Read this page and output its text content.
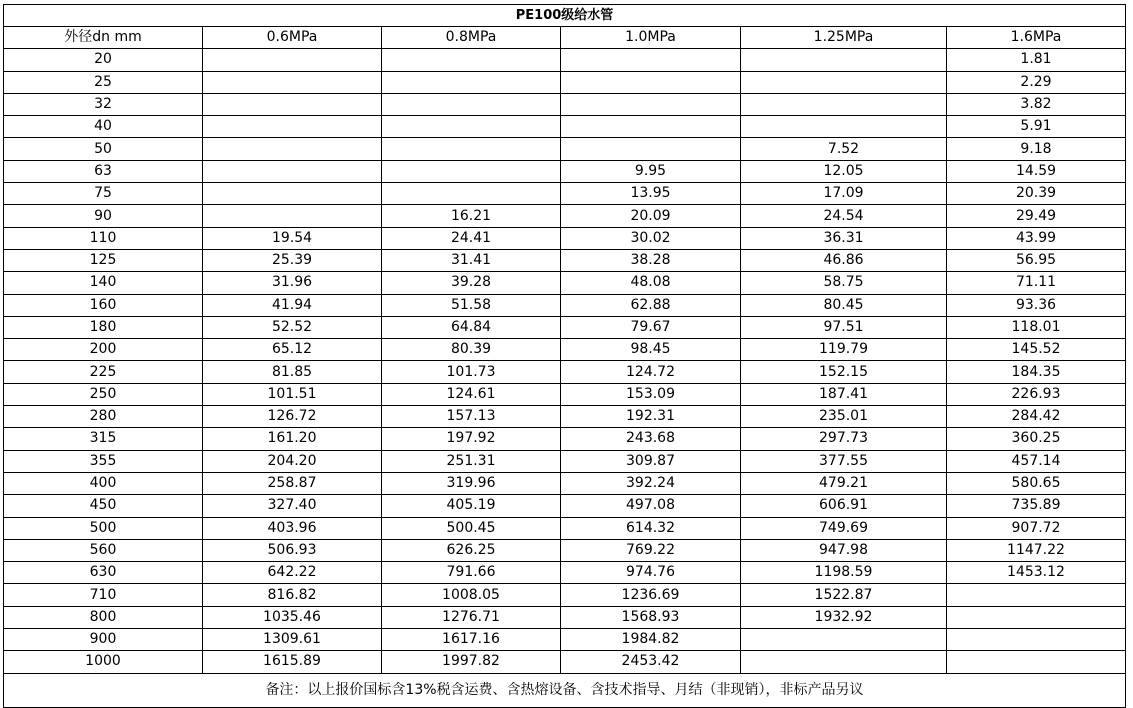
PE100级给水管					
外径dn mm	0.6MPa	0.8MPa	1.0MPa	1.25MPa	1.6MPa
20					1.81
25					2.29
32					3.82
40					5.91
50				7.52	9.18
63			9.95	12.05	14.59
75			13.95	17.09	20.39
90		16.21	20.09	24.54	29.49
110	19.54	24.41	30.02	36.31	43.99
125	25.39	31.41	38.28	46.86	56.95
140	31.96	39.28	48.08	58.75	71.11
160	41.94	51.58	62.88	80.45	93.36
180	52.52	64.84	79.67	97.51	118.01
200	65.12	80.39	98.45	119.79	145.52
225	81.85	101.73	124.72	152.15	184.35
250	101.51	124.61	153.09	187.41	226.93
280	126.72	157.13	192.31	235.01	284.42
315	161.20	197.92	243.68	297.73	360.25
355	204.20	251.31	309.87	377.55	457.14
400	258.87	319.96	392.24	479.21	580.65
450	327.40	405.19	497.08	606.91	735.89
500	403.96	500.45	614.32	749.69	907.72
560	506.93	626.25	769.22	947.98	1147.22
630	642.22	791.66	974.76	1198.59	1453.12
710	816.82	1008.05	1236.69	1522.87	
800	1035.46	1276.71	1568.93	1932.92	
900	1309.61	1617.16	1984.82		
1000	1615.89	1997.82	2453.42		
备注：以上报价国标含13%税含运费、含热熔设备、含技术指导、月结（非现销），非标产品另议					
